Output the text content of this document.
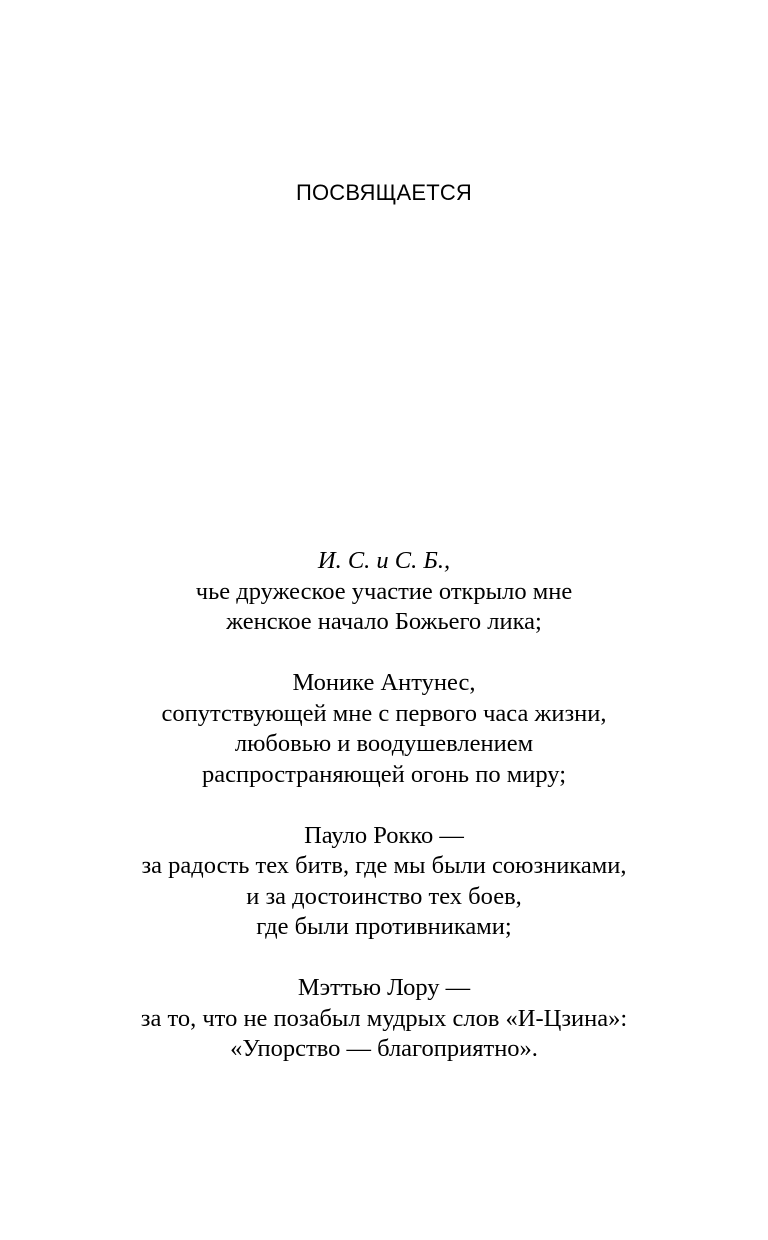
ПОСВЯЩАЕТСЯ
И. С. и С. Б.,
чье дружеское участие открыло мне
женское начало Божьего лика;
Монике Антунес,
сопутствующей мне с первого часа жизни,
любовью и воодушевлением
распространяющей огонь по миру;
Пауло Рокко —
за радость тех битв, где мы были союзниками,
и за достоинство тех боев,
где были противниками;
Мэттью Лору —
за то, что не позабыл мудрых слов «И-Цзина»:
«Упорство — благоприятно».
